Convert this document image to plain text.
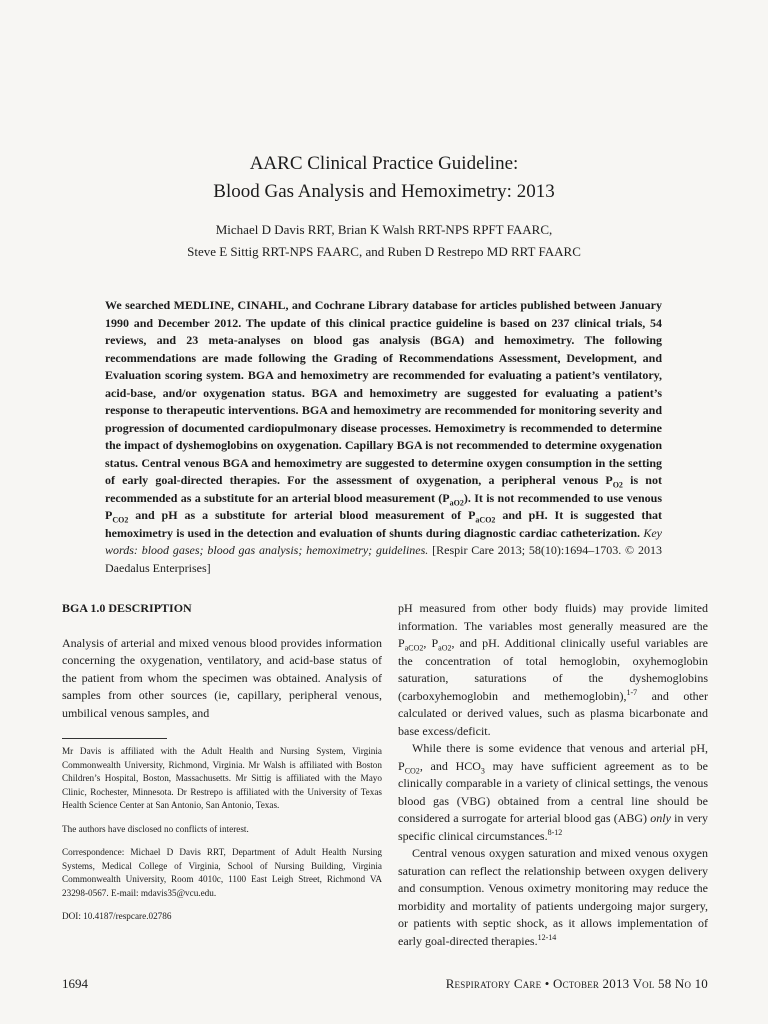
AARC Clinical Practice Guideline:
Blood Gas Analysis and Hemoximetry: 2013
Michael D Davis RRT, Brian K Walsh RRT-NPS RPFT FAARC,
Steve E Sittig RRT-NPS FAARC, and Ruben D Restrepo MD RRT FAARC
We searched MEDLINE, CINAHL, and Cochrane Library database for articles published between January 1990 and December 2012. The update of this clinical practice guideline is based on 237 clinical trials, 54 reviews, and 23 meta-analyses on blood gas analysis (BGA) and hemoximetry. The following recommendations are made following the Grading of Recommendations Assessment, Development, and Evaluation scoring system. BGA and hemoximetry are recommended for evaluating a patient’s ventilatory, acid-base, and/or oxygenation status. BGA and hemoximetry are suggested for evaluating a patient’s response to therapeutic interventions. BGA and hemoximetry are recommended for monitoring severity and progression of documented cardiopulmonary disease processes. Hemoximetry is recommended to determine the impact of dyshemoglobins on oxygenation. Capillary BGA is not recommended to determine oxygenation status. Central venous BGA and hemoximetry are suggested to determine oxygen consumption in the setting of early goal-directed therapies. For the assessment of oxygenation, a peripheral venous $P_{O2}$ is not recommended as a substitute for an arterial blood measurement $(P_{aO2})$. It is not recommended to use venous $P_{CO2}$ and pH as a substitute for arterial blood measurement of $P_{aCO2}$ and pH. It is suggested that hemoximetry is used in the detection and evaluation of shunts during diagnostic cardiac catheterization. Key words: blood gases; blood gas analysis; hemoximetry; guidelines. [Respir Care 2013; 58(10):1694–1703. © 2013 Daedalus Enterprises]
BGA 1.0 DESCRIPTION

Analysis of arterial and mixed venous blood provides information concerning the oxygenation, ventilatory, and acid-base status of the patient from whom the specimen was obtained. Analysis of samples from other sources (ie, capillary, peripheral venous, umbilical venous samples, and

Mr Davis is affiliated with the Adult Health and Nursing System, Virginia Commonwealth University, Richmond, Virginia. Mr Walsh is affiliated with Boston Children’s Hospital, Boston, Massachusetts. Mr Sittig is affiliated with the Mayo Clinic, Rochester, Minnesota. Dr Restrepo is affiliated with the University of Texas Health Science Center at San Antonio, San Antonio, Texas.

The authors have disclosed no conflicts of interest.

Correspondence: Michael D Davis RRT, Department of Adult Health Nursing Systems, Medical College of Virginia, School of Nursing Building, Virginia Commonwealth University, Room 4010c, 1100 East Leigh Street, Richmond VA 23298-0567. E-mail: mdavis35@vcu.edu.

DOI: 10.4187/respcare.02786

pH measured from other body fluids) may provide limited information. The variables most generally measured are the $P_{aCO2}$, $P_{aO2}$, and pH. Additional clinically useful variables are the concentration of total hemoglobin, oxyhemoglobin saturation, saturations of the dyshemoglobins (carboxyhemoglobin and methemoglobin),$^{1-7}$ and other calculated or derived values, such as plasma bicarbonate and base excess/deficit.

While there is some evidence that venous and arterial pH, $P_{CO2}$, and $HCO_3$ may have sufficient agreement as to be clinically comparable in a variety of clinical settings, the venous blood gas (VBG) obtained from a central line should be considered a surrogate for arterial blood gas (ABG) only in very specific clinical circumstances.$^{8-12}$

Central venous oxygen saturation and mixed venous oxygen saturation can reflect the relationship between oxygen delivery and consumption. Venous oximetry monitoring may reduce the morbidity and mortality of patients undergoing major surgery, or patients with septic shock, as it allows implementation of early goal-directed therapies.$^{12-14}$

1694	Respiratory Care • October 2013 Vol 58 No 10
